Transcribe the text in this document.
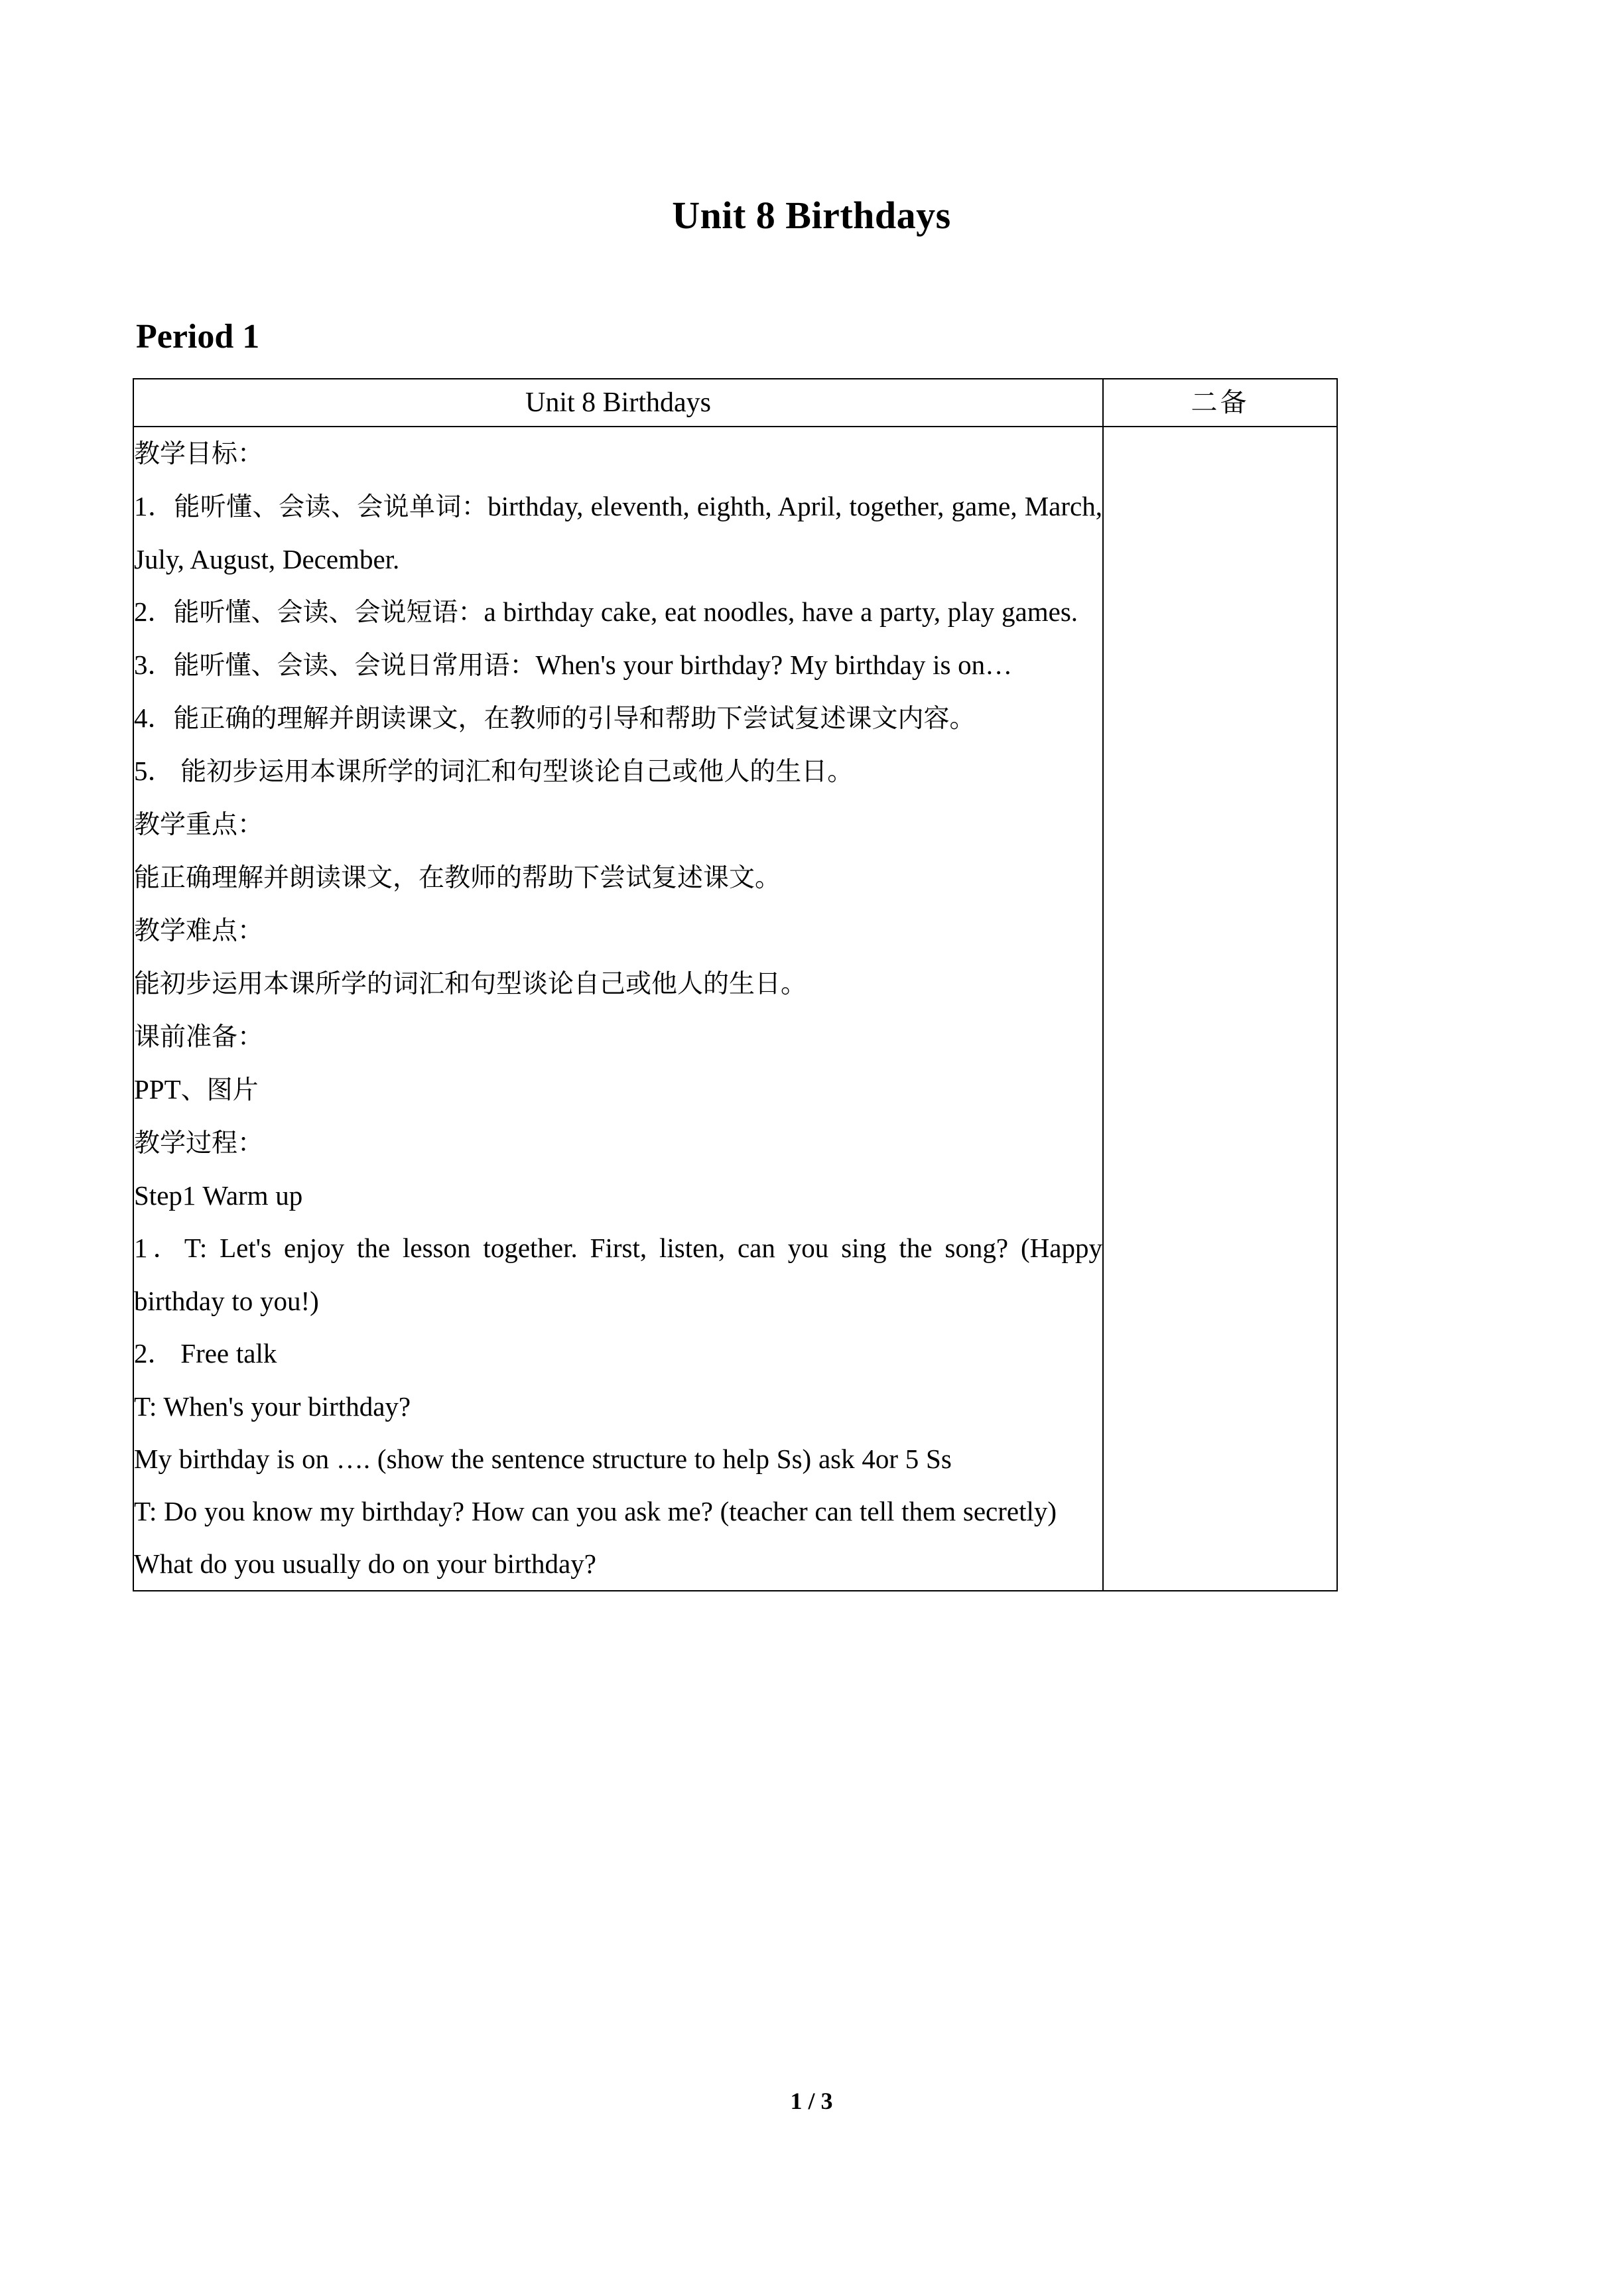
Unit 8 Birthdays
Period 1
Unit 8 Birthdays	二备

教学目标：

1．能听懂、会读、会说单词：birthday, eleventh, eighth, April, together, game, March, July, August, December.

2．能听懂、会读、会说短语：a birthday cake, eat noodles, have a party, play games.

3．能听懂、会读、会说日常用语：When's your birthday? My birthday is on…

4．能正确的理解并朗读课文，在教师的引导和帮助下尝试复述课文内容。

5． 能初步运用本课所学的词汇和句型谈论自己或他人的生日。

教学重点：

能正确理解并朗读课文，在教师的帮助下尝试复述课文。

教学难点：

能初步运用本课所学的词汇和句型谈论自己或他人的生日。

课前准备：

PPT、图片

教学过程：

Step1 Warm up

1．T: Let's enjoy the lesson together. First, listen, can you sing the song? (Happy birthday to you!)

2． Free talk

T: When's your birthday?

My birthday is on …. (show the sentence structure to help Ss) ask 4or 5 Ss

T: Do you know my birthday? How can you ask me? (teacher can tell them secretly)

What do you usually do on your birthday?

1 / 3
